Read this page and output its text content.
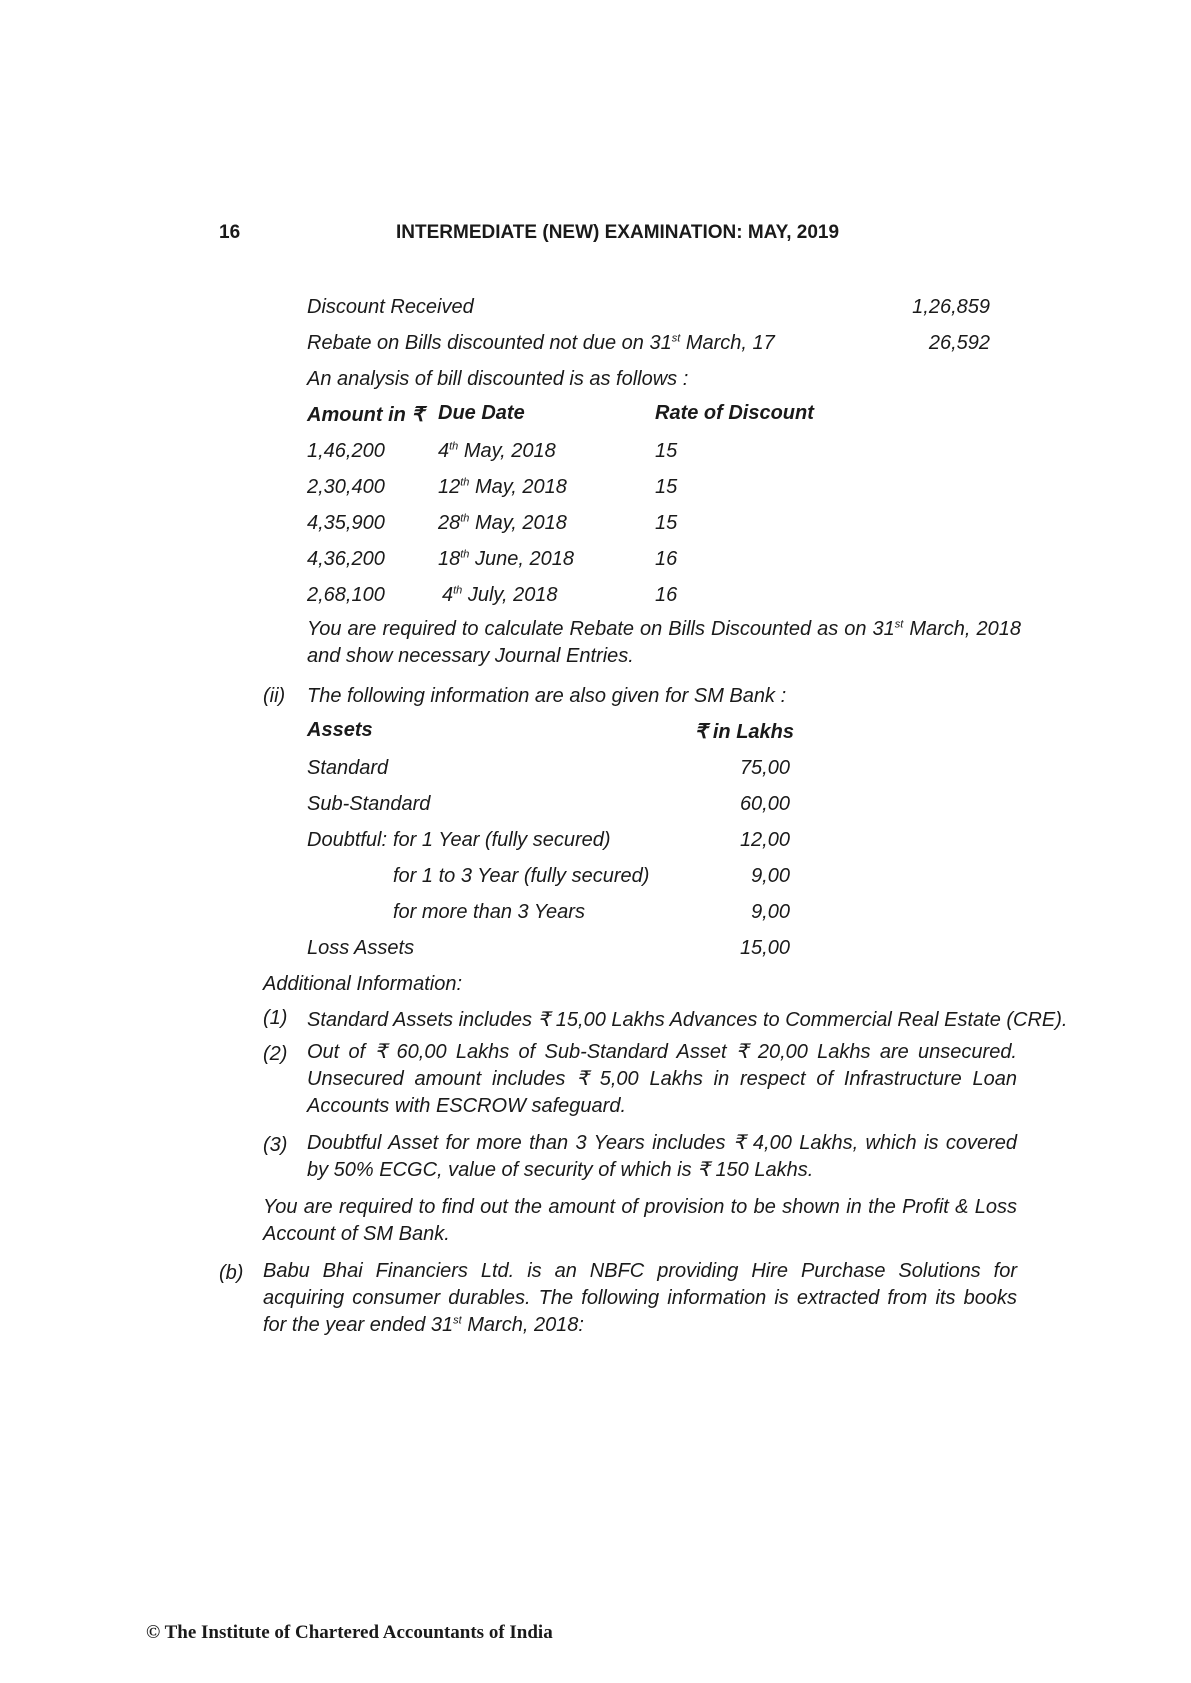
16	INTERMEDIATE (NEW) EXAMINATION: MAY, 2019
Discount Received	1,26,859
Rebate on Bills discounted not due on 31st March, 17	26,592
An analysis of bill discounted is as follows :
Amount in ₹ Due Date	Rate of Discount
1,46,200	4th May, 2018	15
2,30,400	12th May, 2018	15
4,35,900	28th May, 2018	15
4,36,200	18th June, 2018	16
2,68,100	4th July, 2018	16
You are required to calculate Rebate on Bills Discounted as on 31st March, 2018 and show necessary Journal Entries.
(ii) The following information are also given for SM Bank :
Assets	₹ in Lakhs
Standard	75,00
Sub-Standard	60,00
Doubtful: for 1 Year (fully secured)	12,00
for 1 to 3 Year (fully secured)	9,00
for more than 3 Years	9,00
Loss Assets	15,00
Additional Information:
(1) Standard Assets includes ₹ 15,00 Lakhs Advances to Commercial Real Estate (CRE).
(2) Out of ₹ 60,00 Lakhs of Sub-Standard Asset ₹ 20,00 Lakhs are unsecured. Unsecured amount includes ₹ 5,00 Lakhs in respect of Infrastructure Loan Accounts with ESCROW safeguard.
(3) Doubtful Asset for more than 3 Years includes ₹ 4,00 Lakhs, which is covered by 50% ECGC, value of security of which is ₹ 150 Lakhs.
You are required to find out the amount of provision to be shown in the Profit & Loss Account of SM Bank.
(b) Babu Bhai Financiers Ltd. is an NBFC providing Hire Purchase Solutions for acquiring consumer durables. The following information is extracted from its books for the year ended 31st March, 2018:
© The Institute of Chartered Accountants of India
